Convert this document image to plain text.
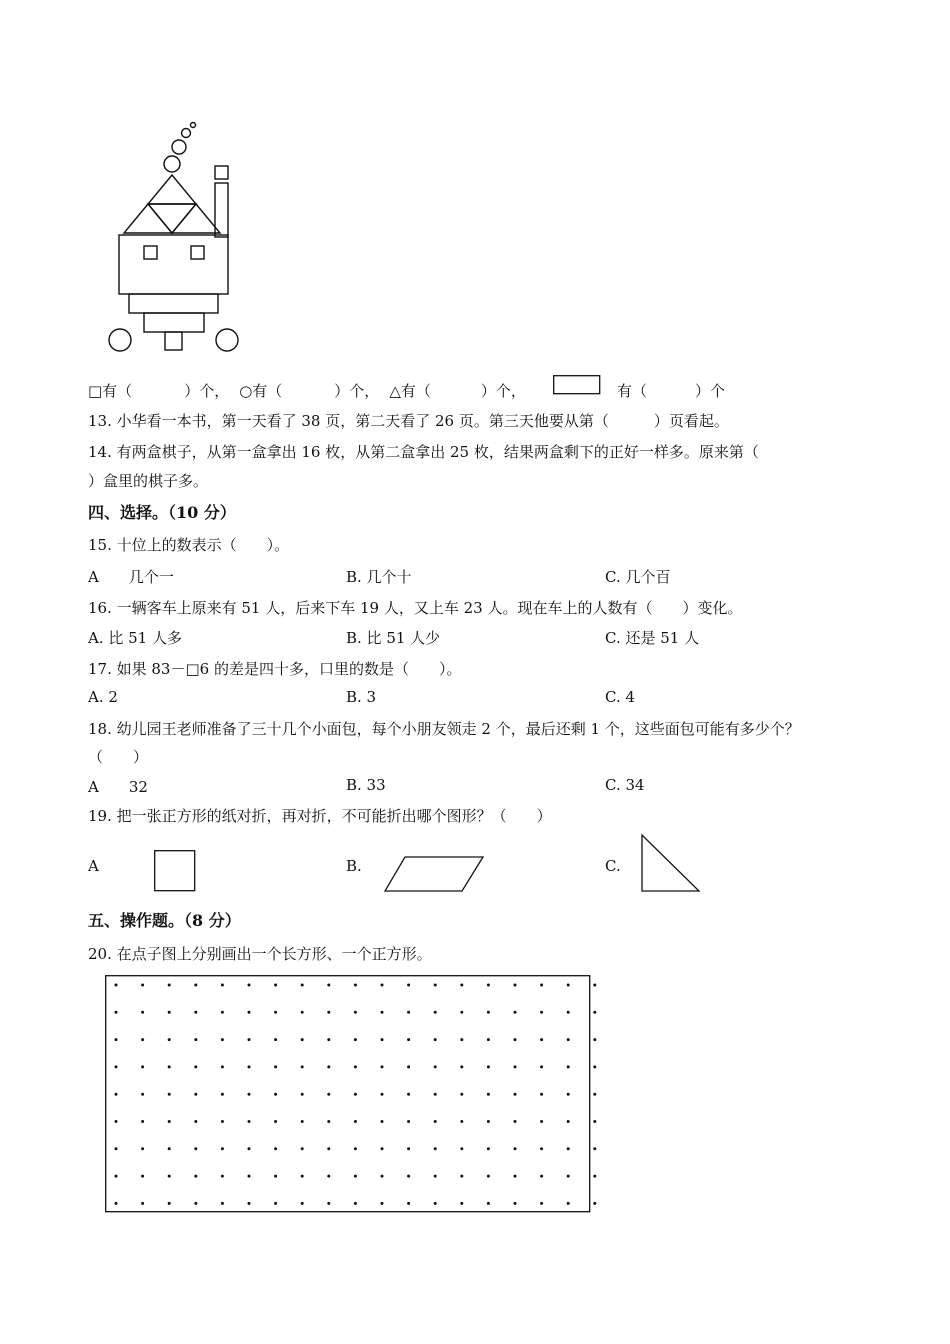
□有（	）个， ○有（	）个， △有（	）个，	有（	）个
13. 小华看一本书，第一天看了 38 页，第二天看了 26 页。第三天他要从第（　　　）页看起。
14. 有两盒棋子，从第一盒拿出 16 枚，从第二盒拿出 25 枚，结果两盒剩下的正好一样多。原来第（
）盒里的棋子多。
四、选择。（10 分）
15. 十位上的数表示（　　）。
A　　几个一	B. 几个十	C. 几个百
16. 一辆客车上原来有 51 人，后来下车 19 人，又上车 23 人。现在车上的人数有（　　）变化。
A. 比 51 人多	B. 比 51 人少	C. 还是 51 人
17. 如果 83－□6 的差是四十多，口里的数是（　　）。
A. 2	B. 3	C. 4
18. 幼儿园王老师准备了三十几个小面包，每个小朋友领走 2 个，最后还剩 1 个，这些面包可能有多少个？
（　　）
A　　32	B. 33	C. 34
19. 把一张正方形的纸对折，再对折，不可能折出哪个图形？（　　）
A	B.	C.
五、操作题。（8 分）
20. 在点子图上分别画出一个长方形、一个正方形。
